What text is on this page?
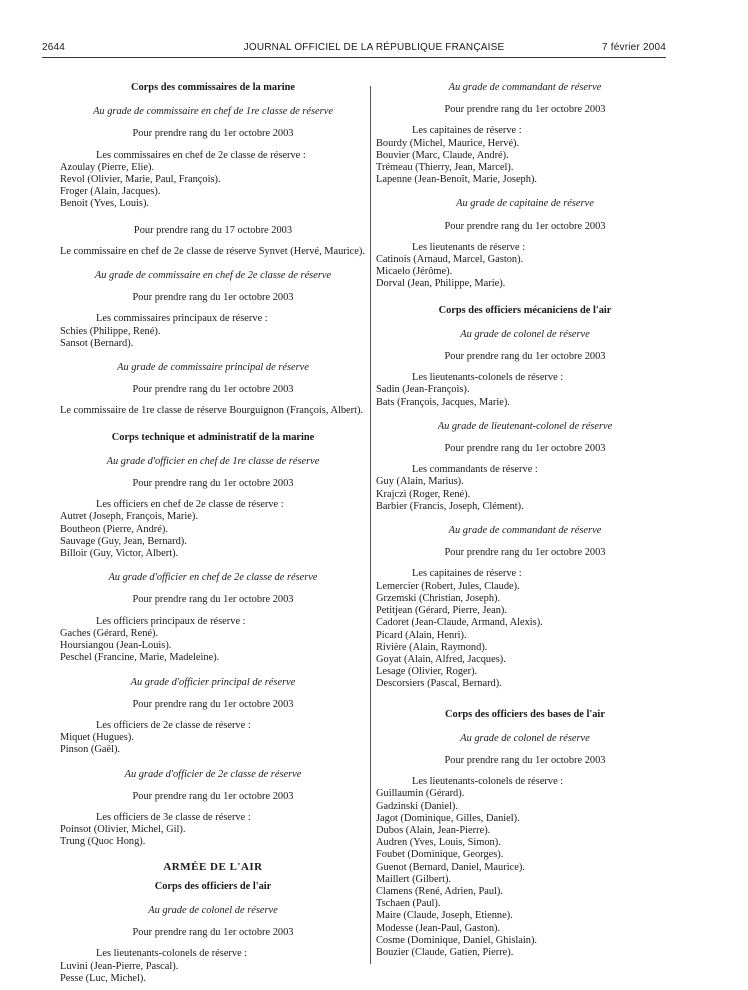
2644	JOURNAL OFFICIEL DE LA RÉPUBLIQUE FRANÇAISE	7 février 2004
Corps des commissaires de la marine
Au grade de commissaire en chef de 1re classe de réserve
Pour prendre rang du 1er octobre 2003
Les commissaires en chef de 2e classe de réserve :
Azoulay (Pierre, Elie).
Revol (Olivier, Marie, Paul, François).
Froger (Alain, Jacques).
Benoit (Yves, Louis).
Pour prendre rang du 17 octobre 2003
Le commissaire en chef de 2e classe de réserve Synvet (Hervé, Maurice).
Au grade de commissaire en chef de 2e classe de réserve
Pour prendre rang du 1er octobre 2003
Les commissaires principaux de réserve :
Schies (Philippe, René).
Sansot (Bernard).
Au grade de commissaire principal de réserve
Pour prendre rang du 1er octobre 2003
Le commissaire de 1re classe de réserve Bourguignon (François, Albert).
Corps technique et administratif de la marine
Au grade d'officier en chef de 1re classe de réserve
Pour prendre rang du 1er octobre 2003
Les officiers en chef de 2e classe de réserve :
Autret (Joseph, François, Marie).
Boutheon (Pierre, André).
Sauvage (Guy, Jean, Bernard).
Billoir (Guy, Victor, Albert).
Au grade d'officier en chef de 2e classe de réserve
Pour prendre rang du 1er octobre 2003
Les officiers principaux de réserve :
Gaches (Gérard, René).
Hoursiangou (Jean-Louis).
Peschel (Francine, Marie, Madeleine).
Au grade d'officier principal de réserve
Pour prendre rang du 1er octobre 2003
Les officiers de 2e classe de réserve :
Miquet (Hugues).
Pinson (Gaël).
Au grade d'officier de 2e classe de réserve
Pour prendre rang du 1er octobre 2003
Les officiers de 3e classe de réserve :
Poinsot (Olivier, Michel, Gil).
Trung (Quoc Hong).
ARMÉE DE L'AIR
Corps des officiers de l'air
Au grade de colonel de réserve
Pour prendre rang du 1er octobre 2003
Les lieutenants-colonels de réserve :
Luvini (Jean-Pierre, Pascal).
Pesse (Luc, Michel).
Au grade de commandant de réserve
Pour prendre rang du 1er octobre 2003
Les capitaines de réserve :
Bourdy (Michel, Maurice, Hervé).
Bouvier (Marc, Claude, André).
Trémeau (Thierry, Jean, Marcel).
Lapenne (Jean-Benoît, Marie, Joseph).
Au grade de capitaine de réserve
Pour prendre rang du 1er octobre 2003
Les lieutenants de réserve :
Catinois (Arnaud, Marcel, Gaston).
Micaelo (Jérôme).
Dorval (Jean, Philippe, Marie).
Corps des officiers mécaniciens de l'air
Au grade de colonel de réserve
Pour prendre rang du 1er octobre 2003
Les lieutenants-colonels de réserve :
Sadin (Jean-François).
Bats (François, Jacques, Marie).
Au grade de lieutenant-colonel de réserve
Pour prendre rang du 1er octobre 2003
Les commandants de réserve :
Guy (Alain, Marius).
Krajczi (Roger, René).
Barbier (Francis, Joseph, Clément).
Au grade de commandant de réserve
Pour prendre rang du 1er octobre 2003
Les capitaines de réserve :
Lemercier (Robert, Jules, Claude).
Grzemski (Christian, Joseph).
Petitjean (Gérard, Pierre, Jean).
Cadoret (Jean-Claude, Armand, Alexis).
Picard (Alain, Henri).
Rivière (Alain, Raymond).
Goyat (Alain, Alfred, Jacques).
Lesage (Olivier, Roger).
Descorsiers (Pascal, Bernard).
Corps des officiers des bases de l'air
Au grade de colonel de réserve
Pour prendre rang du 1er octobre 2003
Les lieutenants-colonels de réserve :
Guillaumin (Gérard).
Gadzinski (Daniel).
Jagot (Dominique, Gilles, Daniel).
Dubos (Alain, Jean-Pierre).
Audren (Yves, Louis, Simon).
Foubet (Dominique, Georges).
Guenot (Bernard, Daniel, Maurice).
Maillert (Gilbert).
Clamens (René, Adrien, Paul).
Tschaen (Paul).
Maire (Claude, Joseph, Etienne).
Modesse (Jean-Paul, Gaston).
Cosme (Dominique, Daniel, Ghislain).
Bouzier (Claude, Gatien, Pierre).
